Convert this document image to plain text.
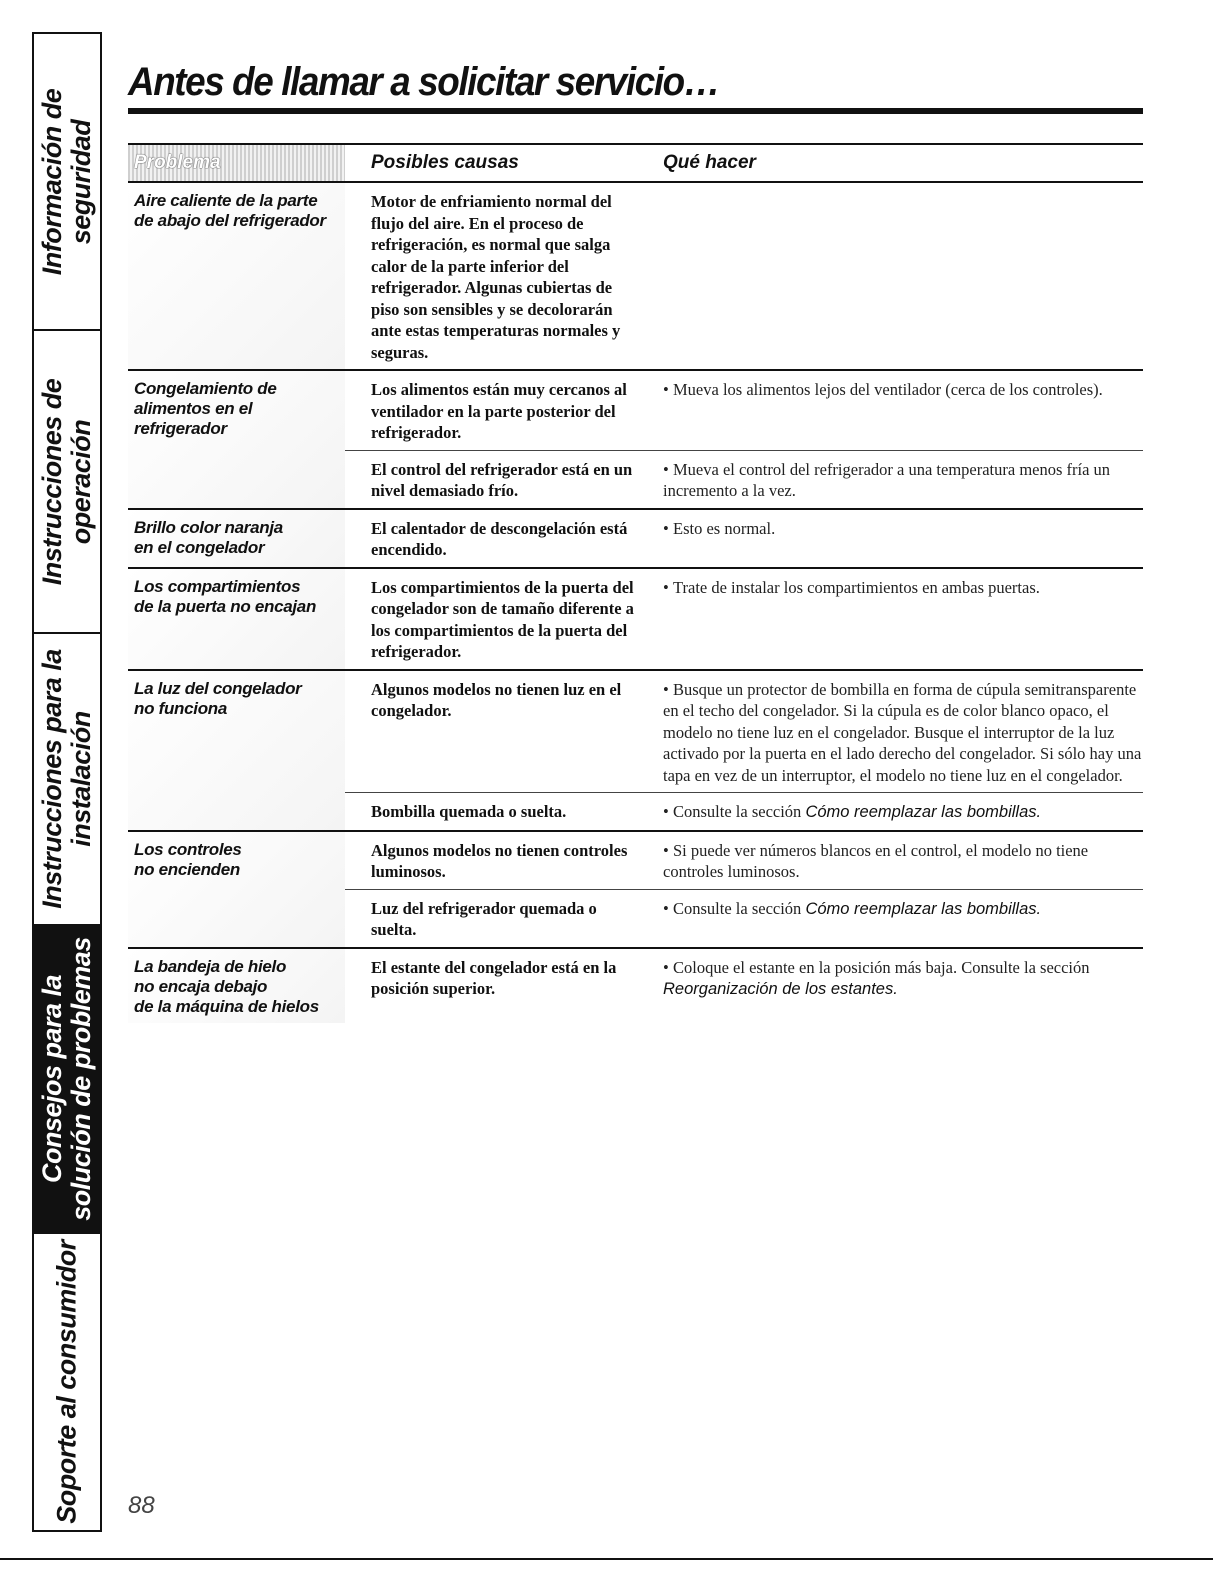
Información de seguridad
Instrucciones de operación
Instrucciones para la instalación
Consejos para la solución de problemas
Soporte al consumidor
Antes de llamar a solicitar servicio…
Problema	Posibles causas	Qué hacer

Aire caliente de la parte
de abajo del refrigerador	Motor de enfriamiento normal del flujo del aire. En el proceso de refrigeración, es normal que salga calor de la parte inferior del refrigerador. Algunas cubiertas de piso son sensibles y se decolorarán ante estas temperaturas normales y seguras.	

Congelamiento de
alimentos en el
refrigerador	Los alimentos están muy cercanos al ventilador en la parte posterior del refrigerador.	• Mueva los alimentos lejos del ventilador (cerca de los controles).
	El control del refrigerador está en un nivel demasiado frío.	• Mueva el control del refrigerador a una temperatura menos fría un incremento a la vez.

Brillo color naranja
en el congelador	El calentador de descongelación está encendido.	• Esto es normal.

Los compartimientos
de la puerta no encajan	Los compartimientos de la puerta del congelador son de tamaño diferente a los compartimientos de la puerta del refrigerador.	• Trate de instalar los compartimientos en ambas puertas.

La luz del congelador
no funciona	Algunos modelos no tienen luz en el congelador.	• Busque un protector de bombilla en forma de cúpula semitransparente en el techo del congelador. Si la cúpula es de color blanco opaco, el modelo no tiene luz en el congelador. Busque el interruptor de la luz activado por la puerta en el lado derecho del congelador. Si sólo hay una tapa en vez de un interruptor, el modelo no tiene luz en el congelador.
	Bombilla quemada o suelta.	• Consulte la sección Cómo reemplazar las bombillas.

Los controles
no encienden	Algunos modelos no tienen controles luminosos.	• Si puede ver números blancos en el control, el modelo no tiene controles luminosos.
	Luz del refrigerador quemada o suelta.	• Consulte la sección Cómo reemplazar las bombillas.

La bandeja de hielo
no encaja debajo
de la máquina de hielos	El estante del congelador está en la posición superior.	• Coloque el estante en la posición más baja. Consulte la sección Reorganización de los estantes.
88
